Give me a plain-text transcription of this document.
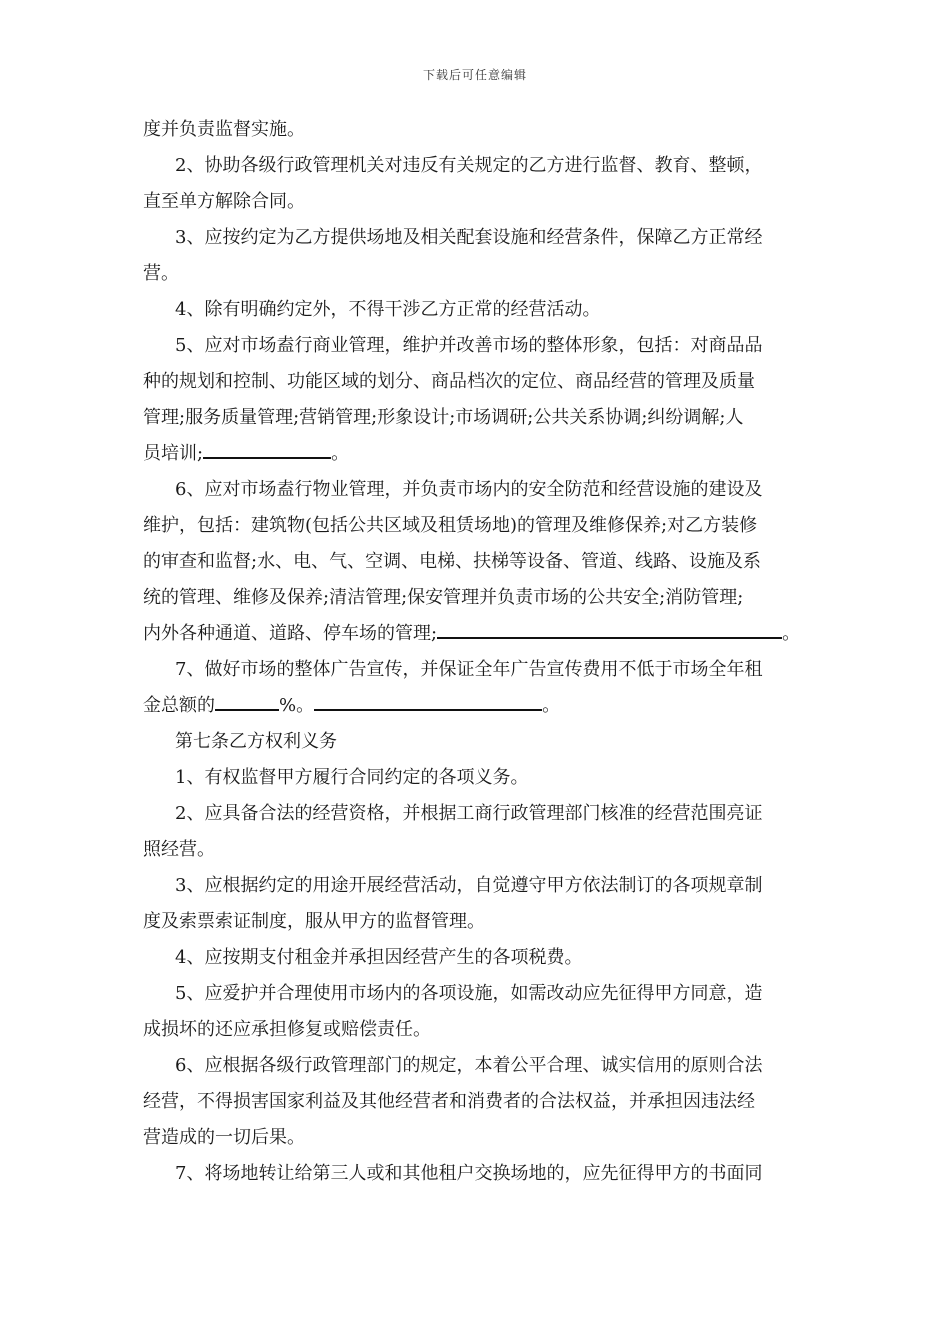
下载后可任意编辑
度并负责监督实施。
2、协助各级行政管理机关对违反有关规定的乙方进行监督、教育、整顿，
直至单方解除合同。
3、应按约定为乙方提供场地及相关配套设施和经营条件，保障乙方正常经
营。
4、除有明确约定外，不得干涉乙方正常的经营活动。
5、应对市场盍行商业管理，维护并改善市场的整体形象，包括：对商品品
种的规划和控制、功能区域的划分、商品档次的定位、商品经营的管理及质量
管理;服务质量管理;营销管理;形象设计;市场调研;公共关系协调;纠纷调解;人
员培训;	。
6、应对市场盍行物业管理，并负责市场内的安全防范和经营设施的建设及
维护，包括：建筑物(包括公共区域及租赁场地)的管理及维修保养;对乙方装修
的审查和监督;水、电、气、空调、电梯、扶梯等设备、管道、线路、设施及系
统的管理、维修及保养;清洁管理;保安管理并负责市场的公共安全;消防管理;
内外各种通道、道路、停车场的管理;	。
7、做好市场的整体广告宣传，并保证全年广告宣传费用不低于市场全年租
金总额的	%。	。
第七条乙方权利义务
1、有权监督甲方履行合同约定的各项义务。
2、应具备合法的经营资格，并根据工商行政管理部门核准的经营范围亮证
照经营。
3、应根据约定的用途开展经营活动，自觉遵守甲方依法制订的各项规章制
度及索票索证制度，服从甲方的监督管理。
4、应按期支付租金并承担因经营产生的各项税费。
5、应爱护并合理使用市场内的各项设施，如需改动应先征得甲方同意，造
成损坏的还应承担修复或赔偿责任。
6、应根据各级行政管理部门的规定，本着公平合理、诚实信用的原则合法
经营，不得损害国家利益及其他经营者和消费者的合法权益，并承担因违法经
营造成的一切后果。
7、将场地转让给第三人或和其他租户交换场地的，应先征得甲方的书面同
